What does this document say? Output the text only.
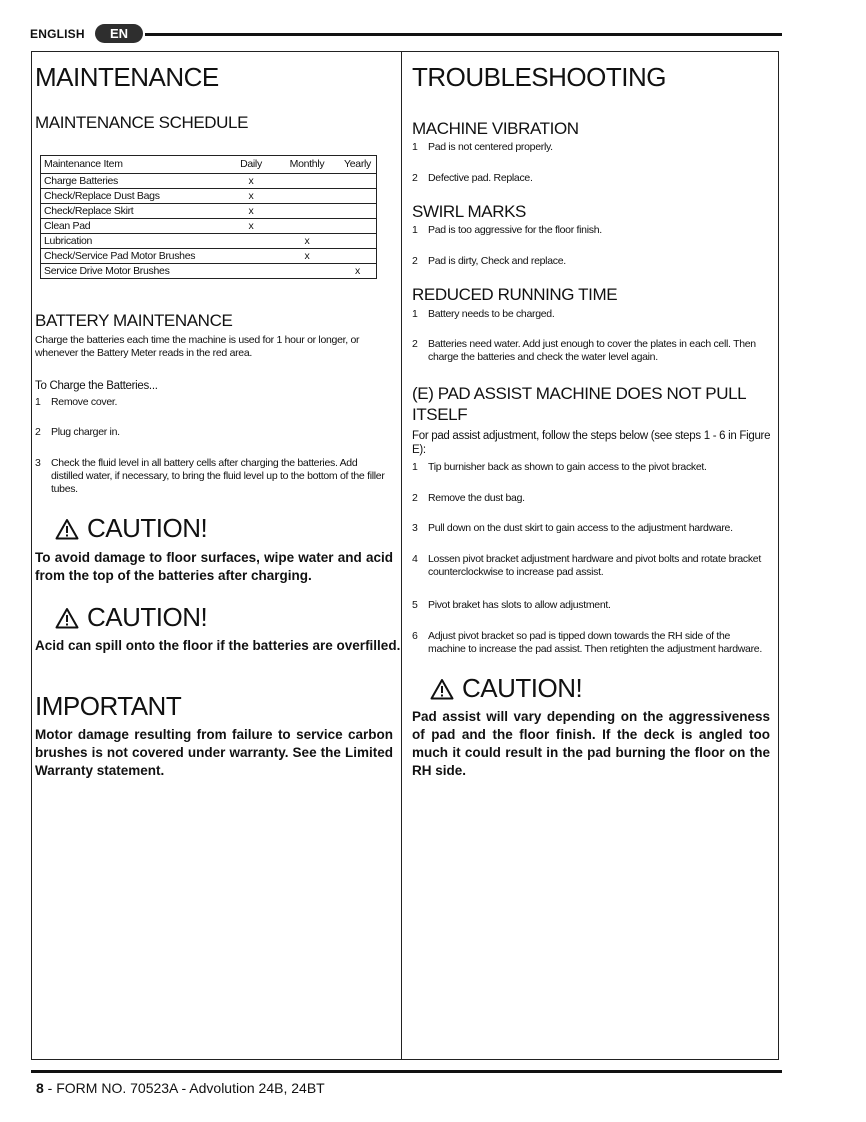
ENGLISH	EN
MAINTENANCE
MAINTENANCE SCHEDULE
Maintenance Item	Daily	Monthly	Yearly
Charge Batteries	x		
Check/Replace Dust Bags	x		
Check/Replace Skirt	x		
Clean Pad	x		
Lubrication		x	
Check/Service Pad Motor Brushes		x	
Service Drive Motor Brushes			x
BATTERY MAINTENANCE
Charge the batteries each time the machine is used for 1 hour or longer, or
whenever the Battery Meter reads in the red area.
To Charge the Batteries...
1 Remove cover.
2 Plug charger in.
3 Check the fluid level in all battery cells after charging the batteries. Add
distilled water, if necessary, to bring the fluid level up to the bottom of the filler
tubes.
CAUTION!
To avoid damage to floor surfaces, wipe water and acid from the top of the batteries after charging.
CAUTION!
Acid can spill onto the floor if the batteries are overfilled.
IMPORTANT
Motor damage resulting from failure to service carbon brushes is not covered under warranty. See the Limited Warranty statement.
TROUBLESHOOTING
MACHINE VIBRATION
1 Pad is not centered properly.
2 Defective pad. Replace.
SWIRL MARKS
1 Pad is too aggressive for the floor finish.
2 Pad is dirty, Check and replace.
REDUCED RUNNING TIME
1 Battery needs to be charged.
2 Batteries need water. Add just enough to cover the plates in each cell. Then
charge the batteries and check the water level again.
(E) PAD ASSIST MACHINE DOES NOT PULL
ITSELF
For pad assist adjustment, follow the steps below (see steps 1 - 6 in Figure
E):
1 Tip burnisher back as shown to gain access to the pivot bracket.
2 Remove the dust bag.
3 Pull down on the dust skirt to gain access to the adjustment hardware.
4 Lossen pivot bracket adjustment hardware and pivot bolts and rotate bracket
counterclockwise to increase pad assist.
5 Pivot braket has slots to allow adjustment.
6 Adjust pivot bracket so pad is tipped down towards the RH side of the
machine to increase the pad assist. Then retighten the adjustment hardware.
CAUTION!
Pad assist will vary depending on the aggressiveness of pad and the floor finish. If the deck is angled too much it could result in the pad burning the floor on the RH side.
8 - FORM NO. 70523A - Advolution 24B, 24BT
